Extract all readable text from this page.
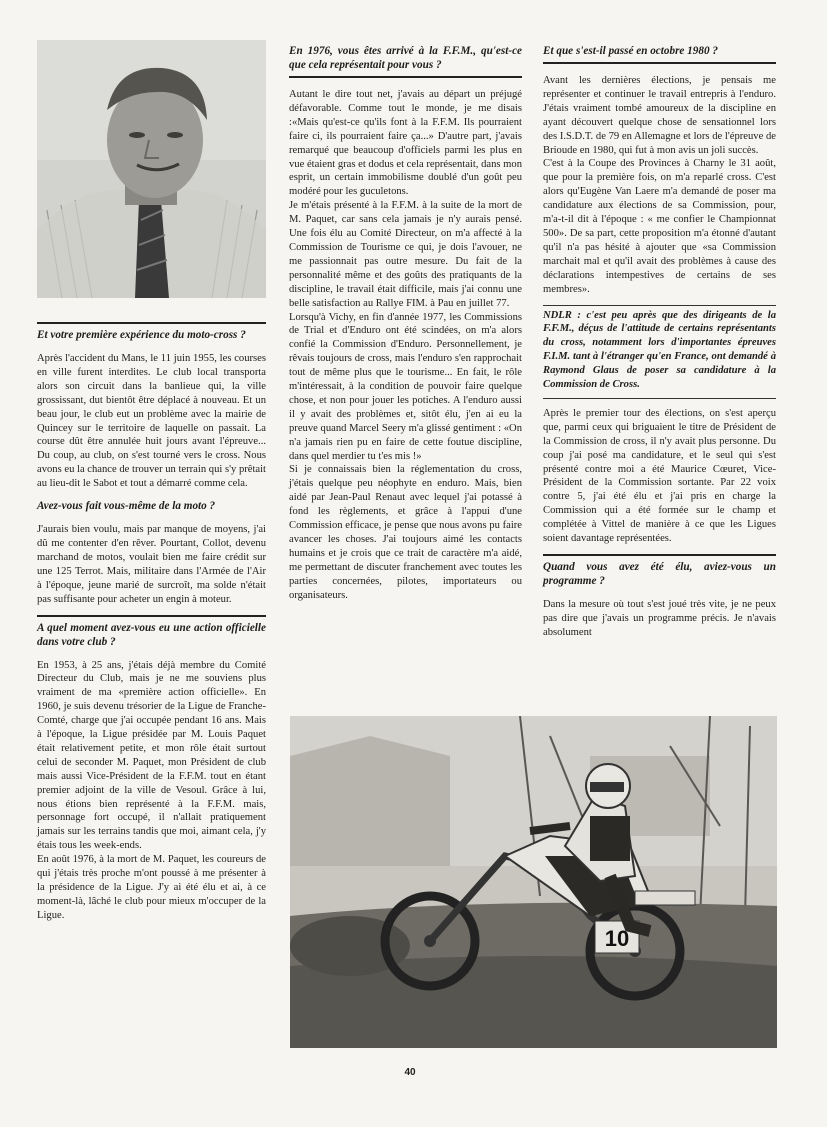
Et votre première expérience du moto-cross ?

Après l'accident du Mans, le 11 juin 1955, les courses en ville furent interdites. Le club local transporta alors son circuit dans la banlieue qui, la ville grossissant, dut bientôt être déplacé à nouveau. Et un beau jour, le club eut un problème avec la mairie de Quincey sur le territoire de laquelle on passait. La course dût être annulée huit jours avant l'épreuve... Du coup, au club, on s'est tourné vers le cross. Nous avons eu la chance de trouver un terrain qui s'y prêtait au lieu-dit le Sabot et tout a démarré comme cela.

Avez-vous fait vous-même de la moto ?

J'aurais bien voulu, mais par manque de moyens, j'ai dû me contenter d'en rêver. Pourtant, Collot, devenu marchand de motos, voulait bien me faire crédit sur une 125 Terrot. Mais, militaire dans l'Armée de l'Air à l'époque, jeune marié de surcroît, ma solde n'était pas suffisante pour acheter un engin à moteur.

A quel moment avez-vous eu une action officielle dans votre club ?

En 1953, à 25 ans, j'étais déjà membre du Comité Directeur du Club, mais je ne me souviens plus vraiment de ma «première action officielle». En 1960, je suis devenu trésorier de la Ligue de Franche-Comté, charge que j'ai occupée pendant 16 ans. Mais à l'époque, la Ligue présidée par M. Louis Paquet était relativement petite, et mon rôle était surtout celui de seconder M. Paquet, mon Président de club mais aussi Vice-Président de la F.F.M. tout en étant premier adjoint de la ville de Vesoul. Grâce à lui, nous étions bien représenté à la F.F.M. mais, personnage fort occupé, il n'allait pratiquement jamais sur les terrains tandis que moi, aimant cela, j'y étais tous les week-ends.

En août 1976, à la mort de M. Paquet, les coureurs de qui j'étais très proche m'ont poussé à me présenter à la présidence de la Ligue. J'y ai été élu et ai, à ce moment-là, lâché le club pour mieux m'occuper de la Ligue.

En 1976, vous êtes arrivé à la F.F.M., qu'est-ce que cela représentait pour vous ?

Autant le dire tout net, j'avais au départ un préjugé défavorable. Comme tout le monde, je me disais :«Mais qu'est-ce qu'ils font à la F.F.M. Ils pourraient faire ci, ils pourraient faire ça...» D'autre part, j'avais remarqué que beaucoup d'officiels parmi les plus en vue étaient gras et dodus et cela représentait, dans mon esprit, un certain immobilisme doublé d'un goût peu modéré pour les guculetons.

Je m'étais présenté à la F.F.M. à la suite de la mort de M. Paquet, car sans cela jamais je n'y aurais pensé. Une fois élu au Comité Directeur, on m'a affecté à la Commission de Tourisme ce qui, je dois l'avouer, ne me passionnait pas outre mesure. Du fait de la personnalité même et des goûts des pratiquants de la discipline, le travail était difficile, mais j'ai connu une belle satisfaction au Rallye FIM. à Pau en juillet 77.

Lorsqu'à Vichy, en fin d'année 1977, les Commissions de Trial et d'Enduro ont été scindées, on m'a alors confié la Commission d'Enduro. Personnellement, je rêvais toujours de cross, mais l'enduro s'en rapprochait tout de même plus que le tourisme... En fait, le rôle m'intéressait, à la condition de pouvoir faire quelque chose, et non pour jouer les potiches. A l'enduro aussi il y avait des problèmes et, sitôt élu, j'en ai eu la preuve quand Marcel Seery m'a glissé gentiment : «On n'a jamais rien pu en faire de cette foutue discipline, dans quel merdier tu t'es mis !»

Si je connaissais bien la réglementation du cross, j'étais quelque peu néophyte en enduro. Mais, bien aidé par Jean-Paul Renaut avec lequel j'ai potassé à fond les règlements, et grâce à l'appui d'une Commission efficace, je pense que nous avons pu faire avancer les choses. J'ai toujours aimé les contacts humains et je crois que ce trait de caractère m'a aidé, me permettant de discuter franchement avec toutes les parties concernées, pilotes, importateurs ou organisateurs.

Et que s'est-il passé en octobre 1980 ?

Avant les dernières élections, je pensais me représenter et continuer le travail entrepris à l'enduro. J'étais vraiment tombé amoureux de la discipline en ayant découvert quelque chose de sensationnel lors des I.S.D.T. de 79 en Allemagne et lors de l'épreuve de Brioude en 1980, qui fut à mon avis un joli succès.

C'est à la Coupe des Provinces à Charny le 31 août, que pour la première fois, on m'a reparlé cross. C'est alors qu'Eugène Van Laere m'a demandé de poser ma candidature aux élections de sa Commission, pour, m'a-t-il dit à l'époque : « me confier le Championnat 500». De sa part, cette proposition m'a étonné d'autant qu'il n'a pas hésité à ajouter que «sa Commission marchait mal et qu'il avait des problèmes à cause des déclarations intempestives de certains de ses membres».

NDLR : c'est peu après que des dirigeants de la F.F.M., déçus de l'attitude de certains représentants du cross, notamment lors d'importantes épreuves F.I.M. tant à l'étranger qu'en France, ont demandé à Raymond Glaus de poser sa candidature à la Commission de Cross.

Après le premier tour des élections, on s'est aperçu que, parmi ceux qui briguaient le titre de Président de la Commission de cross, il n'y avait plus personne. Du coup j'ai posé ma candidature, et le seul qui s'est présenté contre moi a été Maurice Cœuret, Vice-Président de la Commission sortante. Par 22 voix contre 5, j'ai été élu et j'ai pris en charge la Commission qui a été formée sur le champ et complétée à Vittel de manière à ce que les Ligues soient davantage représentées.

Quand vous avez été élu, aviez-vous un programme ?

Dans la mesure où tout s'est joué très vite, je ne peux pas dire que j'avais un programme précis. Je n'avais absolument

10
40
